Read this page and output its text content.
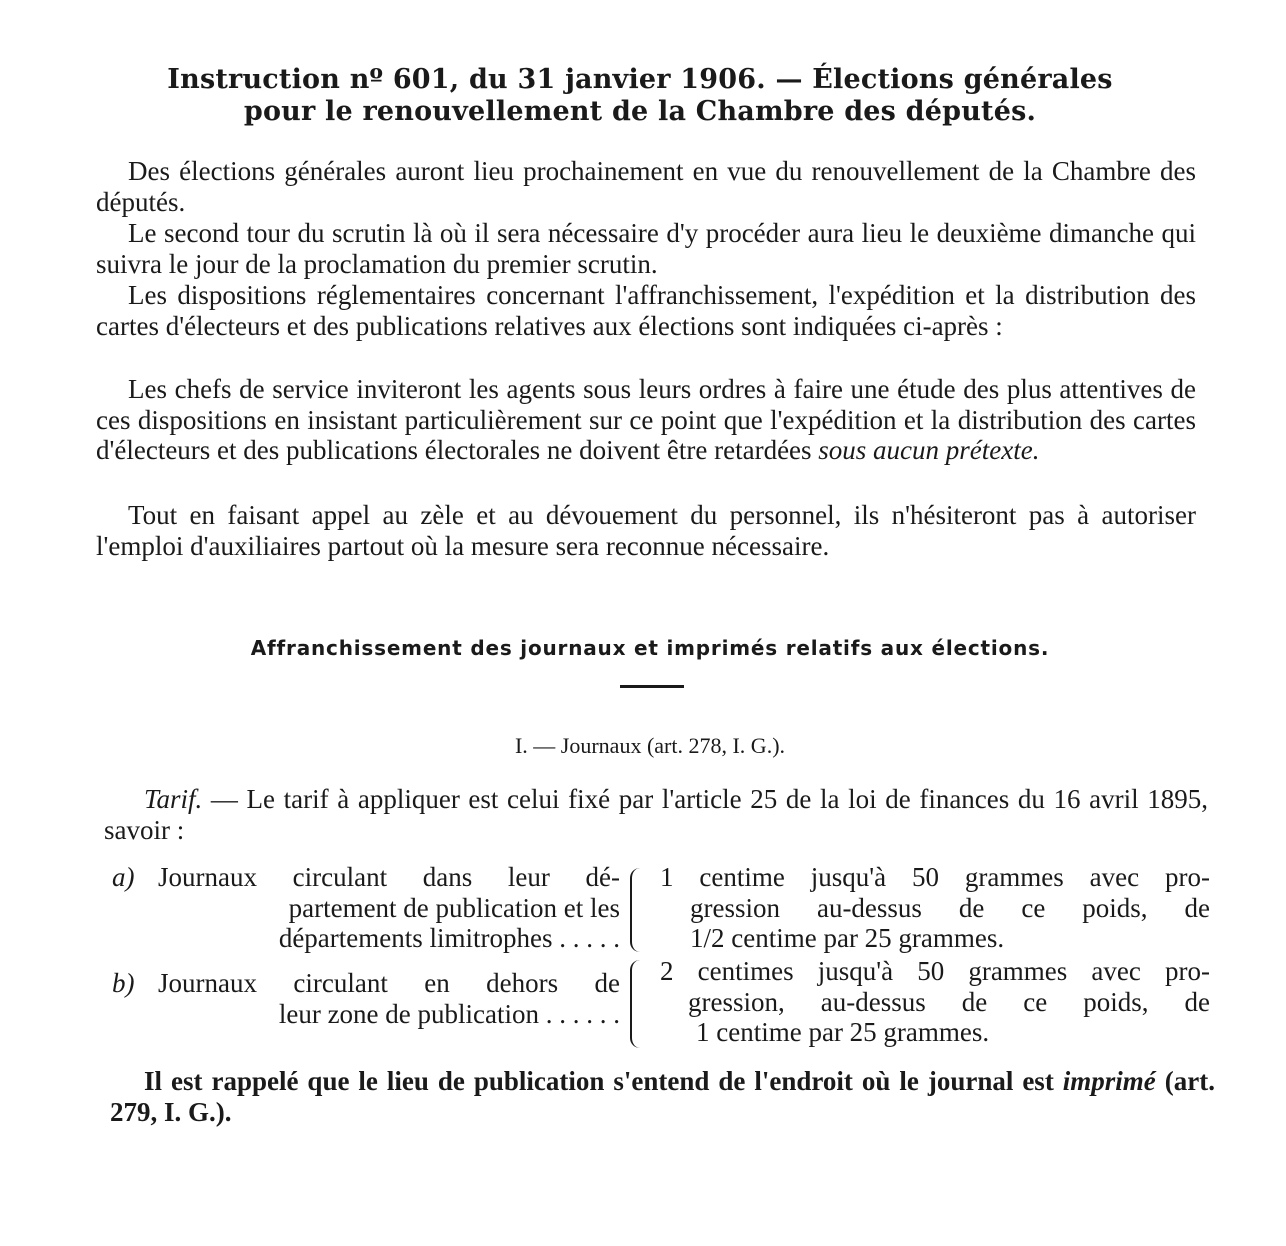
Instruction nº 601, du 31 janvier 1906. — Élections générales
pour le renouvellement de la Chambre des députés.

Des élections générales auront lieu prochainement en vue du renouvellement de la Chambre des députés.

Le second tour du scrutin là où il sera nécessaire d'y procéder aura lieu le deuxième dimanche qui suivra le jour de la proclamation du premier scrutin.

Les dispositions réglementaires concernant l'affranchissement, l'expédition et la distribution des cartes d'électeurs et des publications relatives aux élections sont indiquées ci-après :

Les chefs de service inviteront les agents sous leurs ordres à faire une étude des plus attentives de ces dispositions en insistant particulièrement sur ce point que l'expédition et la distribution des cartes d'électeurs et des publications électorales ne doivent être retardées sous aucun prétexte.

Tout en faisant appel au zèle et au dévouement du personnel, ils n'hésiteront pas à autoriser l'emploi d'auxiliaires partout où la mesure sera reconnue nécessaire.

Affranchissement des journaux et imprimés relatifs aux élections.
I. — Journaux (art. 278, I. G.).

Tarif. — Le tarif à appliquer est celui fixé par l'article 25 de la loi de finances du 16 avril 1895, savoir :

a) Journaux circulant dans leur dé-
partement de publication et les
départements limitrophes . . . . .
1 centime jusqu'à 50 grammes avec pro-
gression au-dessus de ce poids, de
1/2 centime par 25 grammes.
b) Journaux circulant en dehors de
leur zone de publication . . . . . .
2 centimes jusqu'à 50 grammes avec pro-
gression, au-dessus de ce poids, de
1 centime par 25 grammes.

Il est rappelé que le lieu de publication s'entend de l'endroit où le journal est imprimé (art. 279, I. G.).
